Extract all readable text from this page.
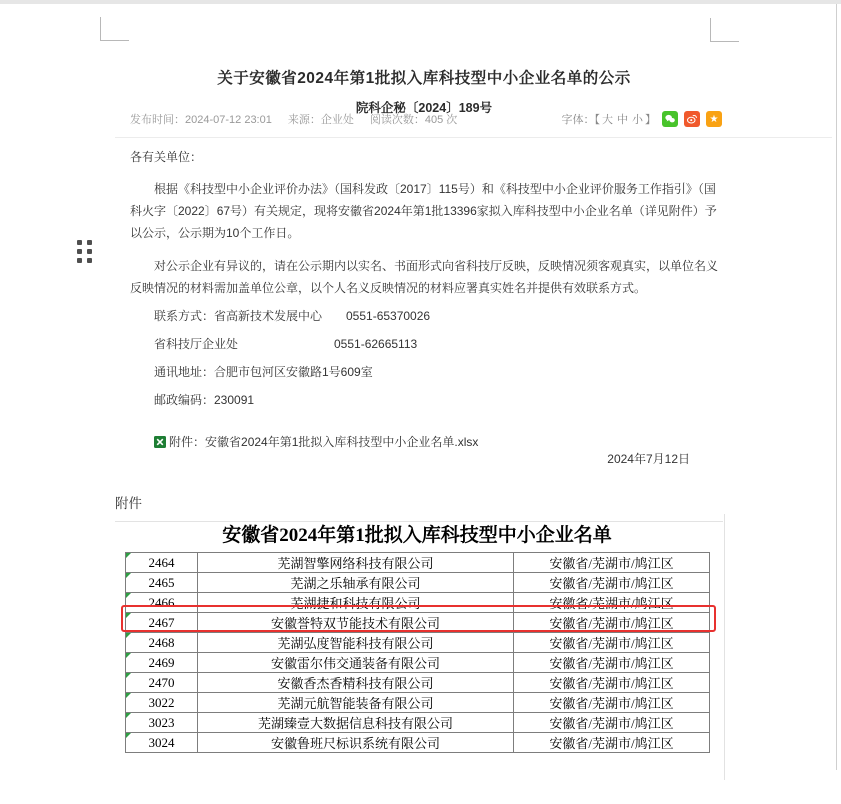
关于安徽省2024年第1批拟入库科技型中小企业名单的公示
院科企秘〔2024〕189号
发布时间：2024-07-12 23:01 来源：企业处 阅读次数：405 次	字体：【 大 中 小 】	★

各有关单位：

根据《科技型中小企业评价办法》（国科发政〔2017〕115号）和《科技型中小企业评价服务工作指引》（国科火字〔2022〕67号）有关规定，现将安徽省2024年第1批13396家拟入库科技型中小企业名单（详见附件）予以公示，公示期为10个工作日。

对公示企业有异议的，请在公示期内以实名、书面形式向省科技厅反映，反映情况须客观真实，以单位名义反映情况的材料需加盖单位公章，以个人名义反映情况的材料应署真实姓名并提供有效联系方式。

联系方式：省高新技术发展中心　　0551-65370026

省科技厅企业处　　　　　　　　0551-62665113

通讯地址：合肥市包河区安徽路1号609室

邮政编码：230091

附件： 安徽省2024年第1批拟入库科技型中小企业名单.xlsx

2024年7月12日

附件
安徽省2024年第1批拟入库科技型中小企业名单
2464	芜湖智擎网络科技有限公司	安徽省/芜湖市/鸠江区
2465	芜湖之乐轴承有限公司	安徽省/芜湖市/鸠江区
2466	芜湖捷和科技有限公司	安徽省/芜湖市/鸠江区
2467	安徽誉特双节能技术有限公司	安徽省/芜湖市/鸠江区
2468	芜湖弘度智能科技有限公司	安徽省/芜湖市/鸠江区
2469	安徽雷尔伟交通装备有限公司	安徽省/芜湖市/鸠江区
2470	安徽香杰香精科技有限公司	安徽省/芜湖市/鸠江区
3022	芜湖元航智能装备有限公司	安徽省/芜湖市/鸠江区
3023	芜湖臻壹大数据信息科技有限公司	安徽省/芜湖市/鸠江区
3024	安徽鲁班尺标识系统有限公司	安徽省/芜湖市/鸠江区
